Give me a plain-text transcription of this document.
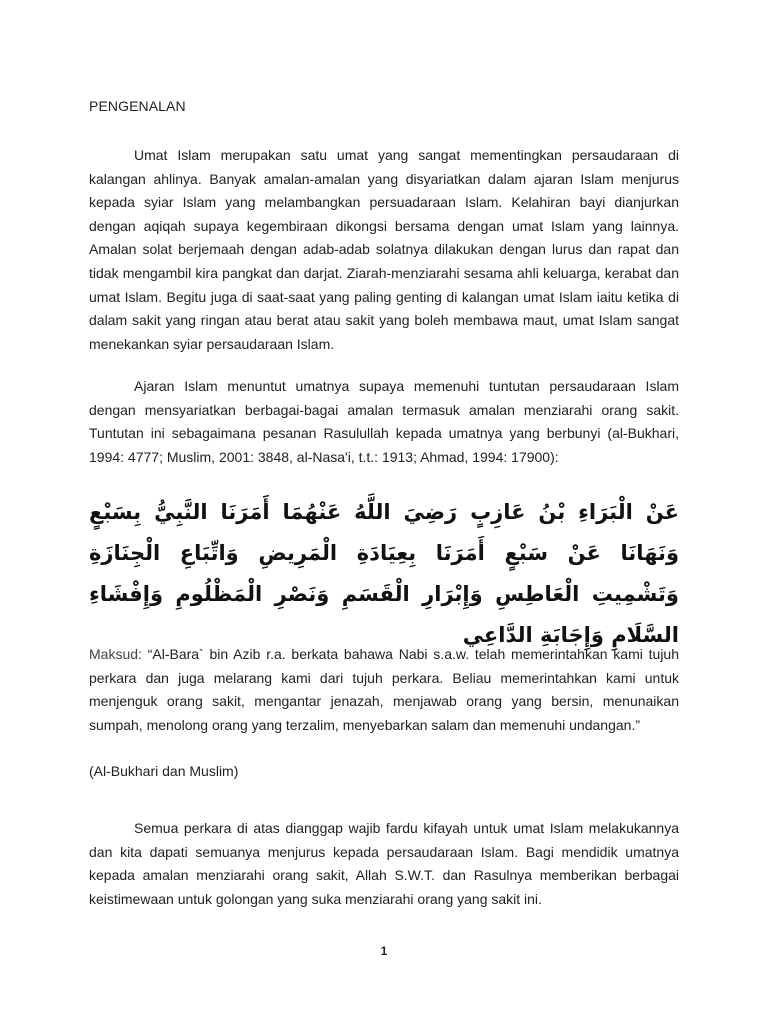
PENGENALAN

Umat Islam merupakan satu umat yang sangat mementingkan persaudaraan di kalangan ahlinya. Banyak amalan-amalan yang disyariatkan dalam ajaran Islam menjurus kepada syiar Islam yang melambangkan persuadaraan Islam. Kelahiran bayi dianjurkan dengan aqiqah supaya kegembiraan dikongsi bersama dengan umat Islam yang lainnya. Amalan solat berjemaah dengan adab-adab solatnya dilakukan dengan lurus dan rapat dan tidak mengambil kira pangkat dan darjat. Ziarah-menziarahi sesama ahli keluarga, kerabat dan umat Islam. Begitu juga di saat-saat yang paling genting di kalangan umat Islam iaitu ketika di dalam sakit yang ringan atau berat atau sakit yang boleh membawa maut, umat Islam sangat menekankan syiar persaudaraan Islam.

Ajaran Islam menuntut umatnya supaya memenuhi tuntutan persaudaraan Islam dengan mensyariatkan berbagai-bagai amalan termasuk amalan menziarahi orang sakit. Tuntutan ini sebagaimana pesanan Rasulullah kepada umatnya yang berbunyi (al-Bukhari, 1994: 4777; Muslim, 2001: 3848, al-Nasa'i, t.t.: 1913; Ahmad, 1994: 17900):

عَنْ الْبَرَاءِ بْنُ عَازِبٍ رَضِيَ اللَّهُ عَنْهُمَا أَمَرَنَا النَّبِيُّ بِسَبْعٍ وَنَهَانَا عَنْ سَبْعٍ أَمَرَنَا بِعِيَادَةِ الْمَرِيضِ وَاتِّبَاعِ الْجِنَازَةِ وَتَشْمِيتِ الْعَاطِسِ وَإِبْرَارِ الْقَسَمِ وَنَصْرِ الْمَظْلُومِ وَإِفْشَاءِ السَّلَامِ وَإِجَابَةِ الدَّاعِي

Maksud: “Al-Bara` bin Azib r.a. berkata bahawa Nabi s.a.w. telah memerintahkan kami tujuh perkara dan juga melarang kami dari tujuh perkara. Beliau memerintahkan kami untuk menjenguk orang sakit, mengantar jenazah, menjawab orang yang bersin, menunaikan sumpah, menolong orang yang terzalim, menyebarkan salam dan memenuhi undangan.”

(Al-Bukhari dan Muslim)

Semua perkara di atas dianggap wajib fardu kifayah untuk umat Islam melakukannya dan kita dapati semuanya menjurus kepada persaudaraan Islam. Bagi mendidik umatnya kepada amalan menziarahi orang sakit, Allah S.W.T. dan Rasulnya memberikan berbagai keistimewaan untuk golongan yang suka menziarahi orang yang sakit ini.

1
